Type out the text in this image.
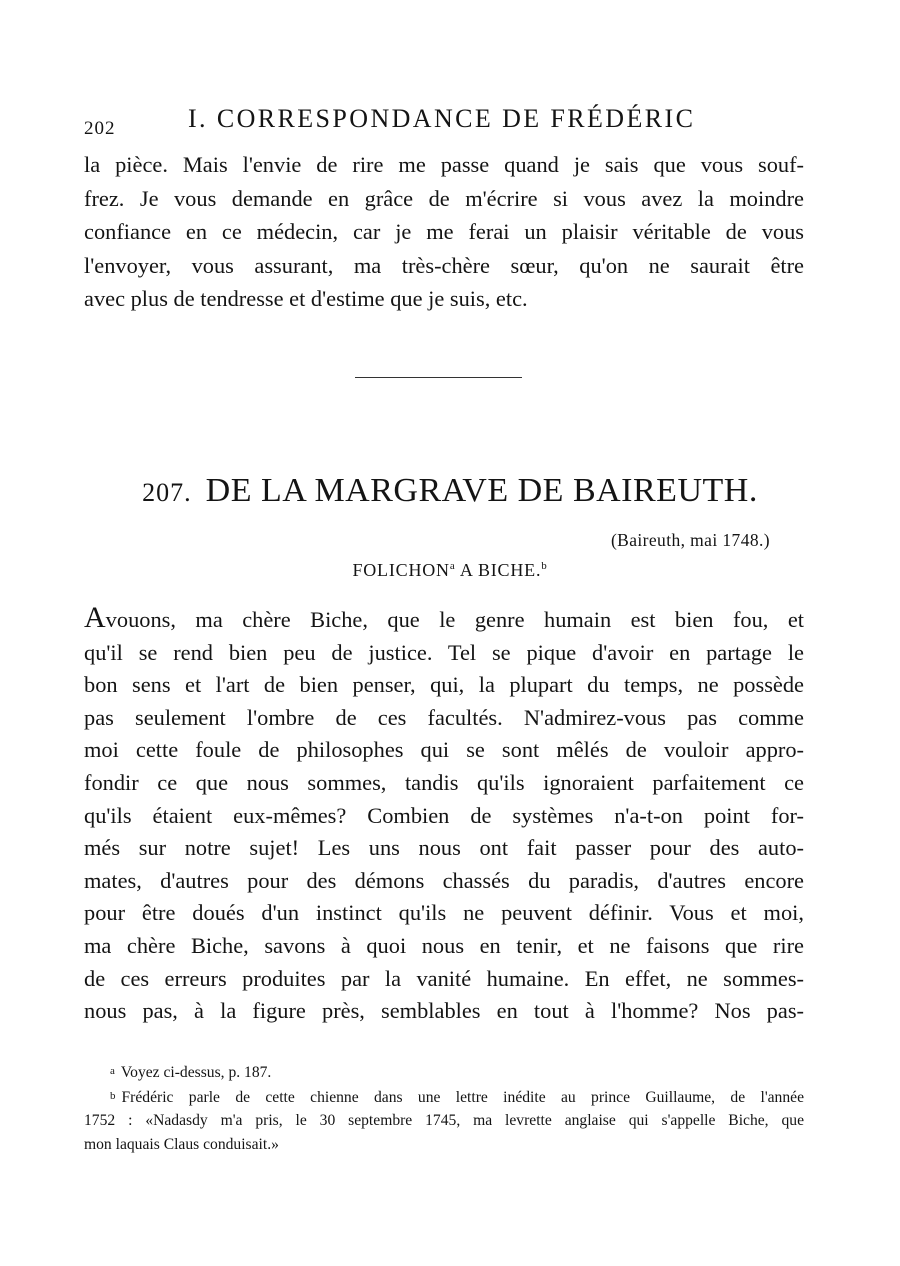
202	I. CORRESPONDANCE DE FRÉDÉRIC

la pièce. Mais l'envie de rire me passe quand je sais que vous souf-

frez. Je vous demande en grâce de m'écrire si vous avez la moindre

confiance en ce médecin, car je me ferai un plaisir véritable de vous

l'envoyer, vous assurant, ma très-chère sœur, qu'on ne saurait être

avec plus de tendresse et d'estime que je suis, etc.

207. DE LA MARGRAVE DE BAIREUTH.
(Baireuth, mai 1748.)
FOLICHON$^a$ A BICHE.$^b$

Avouons, ma chère Biche, que le genre humain est bien fou, et

qu'il se rend bien peu de justice. Tel se pique d'avoir en partage le

bon sens et l'art de bien penser, qui, la plupart du temps, ne possède

pas seulement l'ombre de ces facultés. N'admirez-vous pas comme

moi cette foule de philosophes qui se sont mêlés de vouloir appro-

fondir ce que nous sommes, tandis qu'ils ignoraient parfaitement ce

qu'ils étaient eux-mêmes? Combien de systèmes n'a-t-on point for-

més sur notre sujet! Les uns nous ont fait passer pour des auto-

mates, d'autres pour des démons chassés du paradis, d'autres encore

pour être doués d'un instinct qu'ils ne peuvent définir. Vous et moi,

ma chère Biche, savons à quoi nous en tenir, et ne faisons que rire

de ces erreurs produites par la vanité humaine. En effet, ne sommes-

nous pas, à la figure près, semblables en tout à l'homme? Nos pas-

a Voyez ci-dessus, p. 187.

b Frédéric parle de cette chienne dans une lettre inédite au prince Guillaume, de l'année

1752 : «Nadasdy m'a pris, le 30 septembre 1745, ma levrette anglaise qui s'appelle Biche, que

mon laquais Claus conduisait.»
